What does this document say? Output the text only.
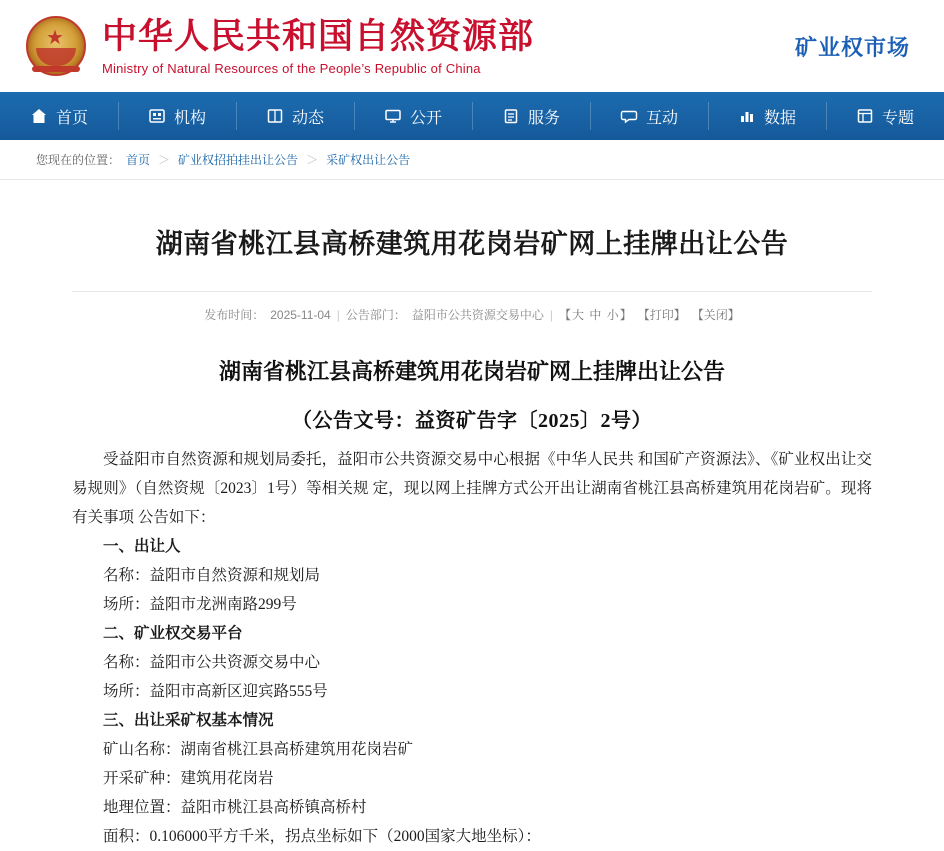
中华人民共和国自然资源部
Ministry of Natural Resources of the People’s Republic of China
矿业权市场
首页	机构	动态	公开	服务	互动	数据	专题
您现在的位置： 首页 ＞ 矿业权招拍挂出让公告 ＞ 采矿权出让公告
湖南省桃江县高桥建筑用花岗岩矿网上挂牌出让公告
发布时间： 2025-11-04 | 公告部门： 益阳市公共资源交易中心 | 【大 中 小】 【打印】 【关闭】
湖南省桃江县高桥建筑用花岗岩矿网上挂牌出让公告
（公告文号：益资矿告字〔2025〕2号）
受益阳市自然资源和规划局委托，益阳市公共资源交易中心根据《中华人民共 和国矿产资源法》、《矿业权出让交易规则》（自然资规〔2023〕1号）等相关规 定，现以网上挂牌方式公开出让湖南省桃江县高桥建筑用花岗岩矿。现将有关事项 公告如下：
一、出让人
名称：益阳市自然资源和规划局
场所：益阳市龙洲南路299号
二、矿业权交易平台
名称：益阳市公共资源交易中心
场所：益阳市高新区迎宾路555号
三、出让采矿权基本情况
矿山名称：湖南省桃江县高桥建筑用花岗岩矿
开采矿种：建筑用花岗岩
地理位置：益阳市桃江县高桥镇高桥村
面积：0.106000平方千米，拐点坐标如下（2000国家大地坐标）：
